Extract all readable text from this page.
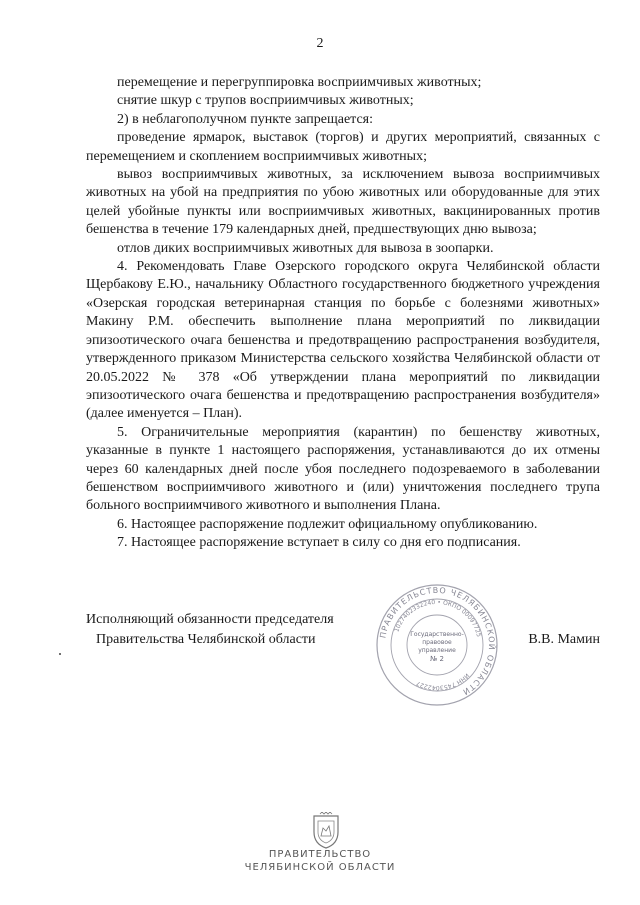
2

перемещение и перегруппировка восприимчивых животных;

снятие шкур с трупов восприимчивых животных;

2) в неблагополучном пункте запрещается:

проведение ярмарок, выставок (торгов) и других мероприятий, связанных с перемещением и скоплением восприимчивых животных;

вывоз восприимчивых животных, за исключением вывоза восприимчивых животных на убой на предприятия по убою животных или оборудованные для этих целей убойные пункты или восприимчивых животных, вакцинированных против бешенства в течение 179 календарных дней, предшествующих дню вывоза;

отлов диких восприимчивых животных для вывоза в зоопарки.

4. Рекомендовать Главе Озерского городского округа Челябинской области Щербакову Е.Ю., начальнику Областного государственного бюджетного учреждения «Озерская городская ветеринарная станция по борьбе с болезнями животных» Макину Р.М. обеспечить выполнение плана мероприятий по ликвидации эпизоотического очага бешенства и предотвращению распространения возбудителя, утвержденного приказом Министерства сельского хозяйства Челябинской области от 20.05.2022 № 378 «Об утверждении плана мероприятий по ликвидации эпизоотического очага бешенства и предотвращению распространения возбудителя» (далее именуется – План).

5. Ограничительные мероприятия (карантин) по бешенству животных, указанные в пункте 1 настоящего распоряжения, устанавливаются до их отмены через 60 календарных дней после убоя последнего подозреваемого в заболевании бешенством восприимчивого животного и (или) уничтожения последнего трупа больного восприимчивого животного и выполнения Плана.

6. Настоящее распоряжение подлежит официальному опубликованию.

7. Настоящее распоряжение вступает в силу со дня его подписания.

Исполняющий обязанности председателя
Правительства Челябинской области	В.В. Мамин
ПРАВИТЕЛЬСТВО ЧЕЛЯБИНСКОЙ ОБЛАСТИ
1027402332240 • ОКПО 00097725
ИНН 7453042227
Государственно-
правовое
управление
№ 2
ПРАВИТЕЛЬСТВО
ЧЕЛЯБИНСКОЙ ОБЛАСТИ
